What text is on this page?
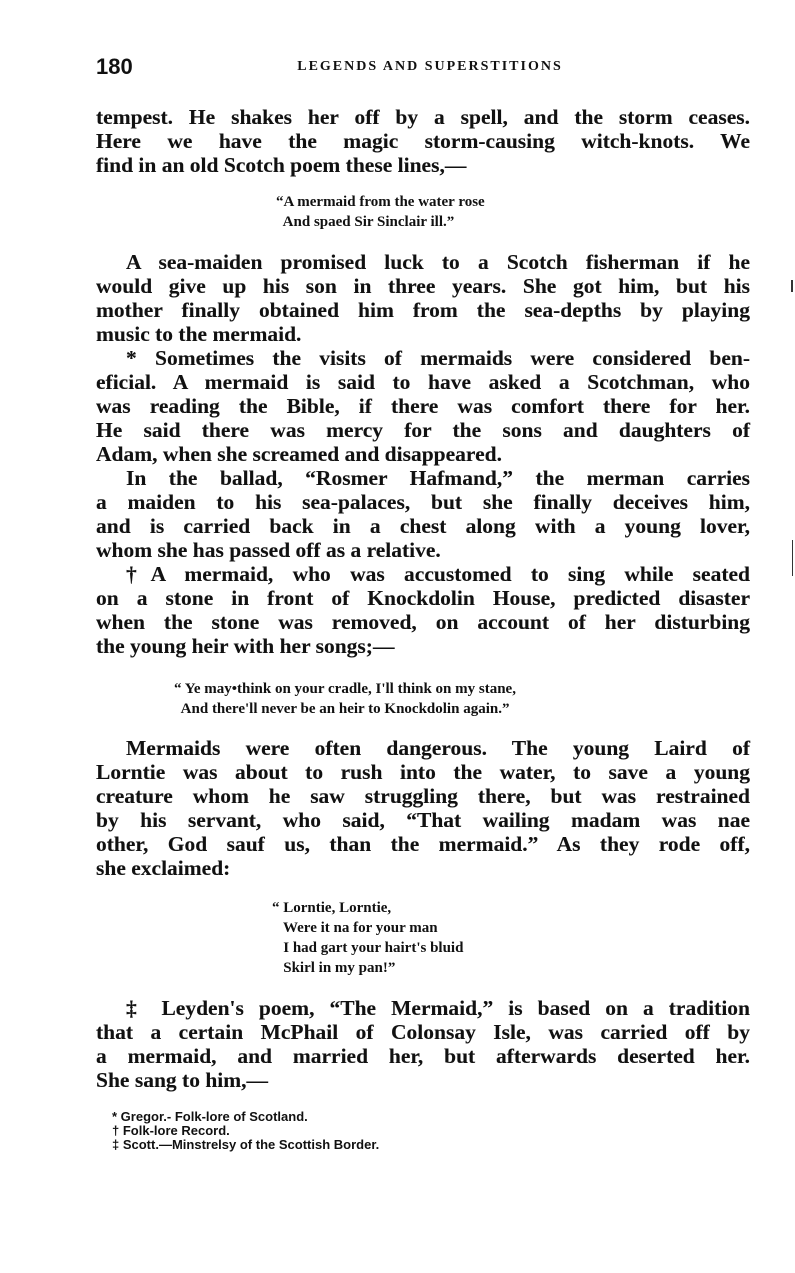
180	LEGENDS AND SUPERSTITIONS
tempest. He shakes her off by a spell, and the storm ceases.
Here we have the magic storm-causing witch-knots. We
find in an old Scotch poem these lines,—
“A mermaid from the water rose
And spaed Sir Sinclair ill.”
A sea-maiden promised luck to a Scotch fisherman if he
would give up his son in three years. She got him, but his
mother finally obtained him from the sea-depths by playing
music to the mermaid.
* Sometimes the visits of mermaids were considered ben-
eficial. A mermaid is said to have asked a Scotchman, who
was reading the Bible, if there was comfort there for her.
He said there was mercy for the sons and daughters of
Adam, when she screamed and disappeared.
In the ballad, “Rosmer Hafmand,” the merman carries
a maiden to his sea-palaces, but she finally deceives him,
and is carried back in a chest along with a young lover,
whom she has passed off as a relative.
†A mermaid, who was accustomed to sing while seated
on a stone in front of Knockdolin House, predicted disaster
when the stone was removed, on account of her disturbing
the young heir with her songs;—
“ Ye may•think on your cradle, I'll think on my stane,
And there'll never be an heir to Knockdolin again.”
Mermaids were often dangerous. The young Laird of
Lorntie was about to rush into the water, to save a young
creature whom he saw struggling there, but was restrained
by his servant, who said, “That wailing madam was nae
other, God sauf us, than the mermaid.” As they rode off,
she exclaimed:
“ Lorntie, Lorntie,
Were it na for your man
I had gart your hairt's bluid
Skirl in my pan!”
‡ Leyden's poem, “The Mermaid,” is based on a tradition
that a certain McPhail of Colonsay Isle, was carried off by
a mermaid, and married her, but afterwards deserted her.
She sang to him,—
* Gregor.- Folk-lore of Scotland.
† Folk-lore Record.
‡ Scott.—Minstrelsy of the Scottish Border.
